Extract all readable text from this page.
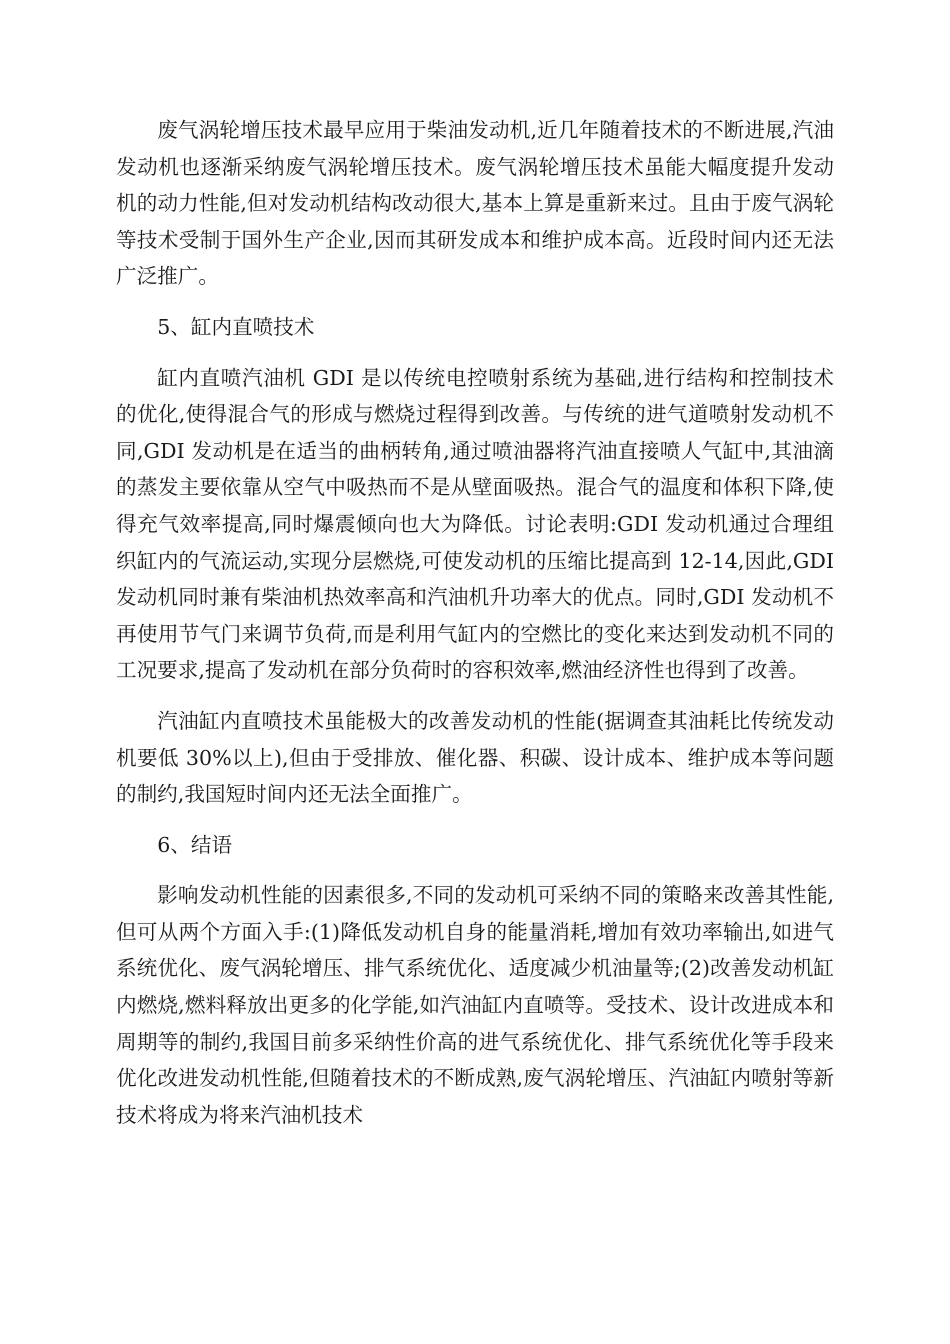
废气涡轮增压技术最早应用于柴油发动机,近几年随着技术的不断进展,汽油发动机也逐渐采纳废气涡轮增压技术。废气涡轮增压技术虽能大幅度提升发动机的动力性能,但对发动机结构改动很大,基本上算是重新来过。且由于废气涡轮等技术受制于国外生产企业,因而其研发成本和维护成本高。近段时间内还无法广泛推广。

5、缸内直喷技术

缸内直喷汽油机 GDI 是以传统电控喷射系统为基础,进行结构和控制技术的优化,使得混合气的形成与燃烧过程得到改善。与传统的进气道喷射发动机不同,GDI 发动机是在适当的曲柄转角,通过喷油器将汽油直接喷人气缸中,其油滴的蒸发主要依靠从空气中吸热而不是从壁面吸热。混合气的温度和体积下降,使得充气效率提高,同时爆震倾向也大为降低。讨论表明:GDI 发动机通过合理组织缸内的气流运动,实现分层燃烧,可使发动机的压缩比提高到 12-14,因此,GDI 发动机同时兼有柴油机热效率高和汽油机升功率大的优点。同时,GDI 发动机不再使用节气门来调节负荷,而是利用气缸内的空燃比的变化来达到发动机不同的工况要求,提高了发动机在部分负荷时的容积效率,燃油经济性也得到了改善。

汽油缸内直喷技术虽能极大的改善发动机的性能(据调查其油耗比传统发动机要低 30%以上),但由于受排放、催化器、积碳、设计成本、维护成本等问题的制约,我国短时间内还无法全面推广。

6、结语

影响发动机性能的因素很多,不同的发动机可采纳不同的策略来改善其性能,但可从两个方面入手:(1)降低发动机自身的能量消耗,增加有效功率输出,如进气系统优化、废气涡轮增压、排气系统优化、适度减少机油量等;(2)改善发动机缸内燃烧,燃料释放出更多的化学能,如汽油缸内直喷等。受技术、设计改进成本和周期等的制约,我国目前多采纳性价高的进气系统优化、排气系统优化等手段来优化改进发动机性能,但随着技术的不断成熟,废气涡轮增压、汽油缸内喷射等新技术将成为将来汽油机技术
